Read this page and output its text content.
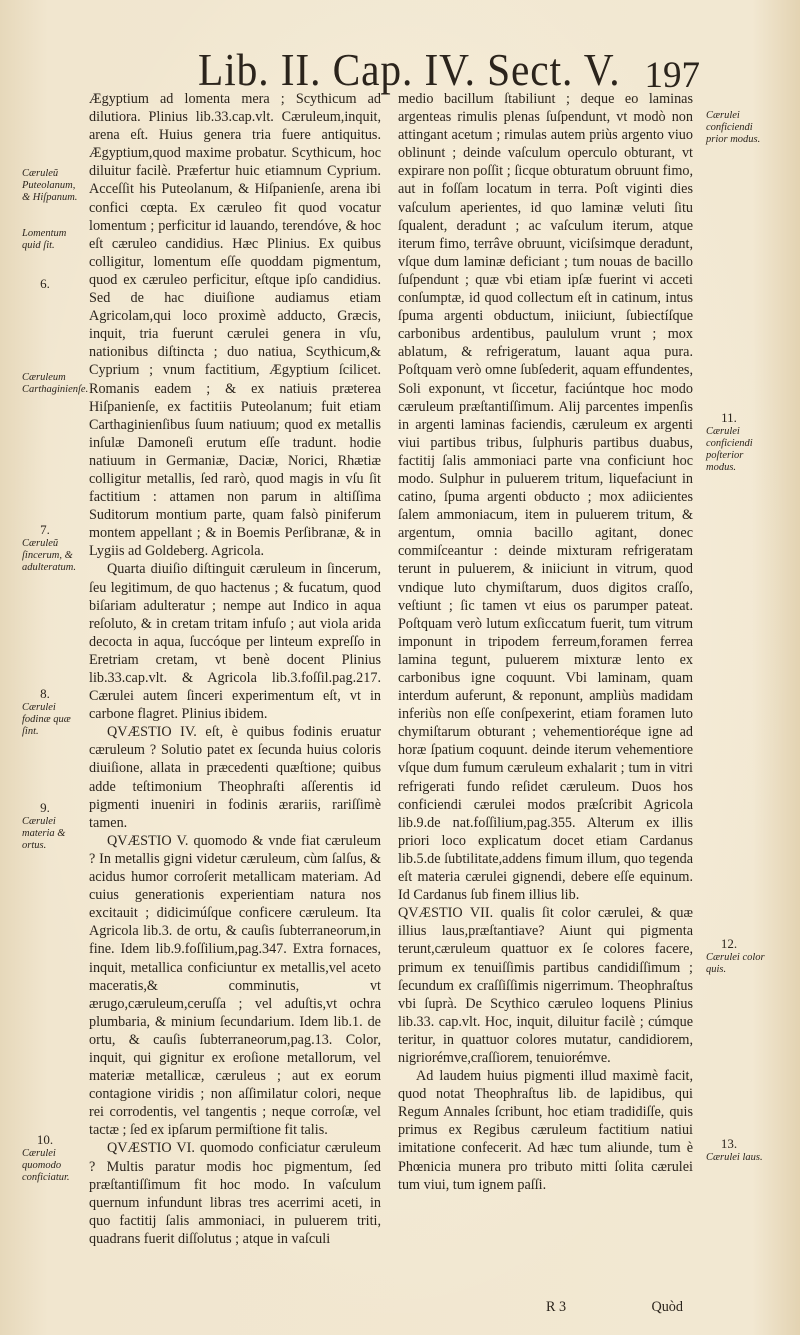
Lib. II. Cap. IV. Sect. V. 197

Ægyptium ad lomenta mera ; Scythicum ad dilutiora. Plinius lib.33.cap.vlt. Cæruleum,inquit, arena eſt. Huius genera tria fuere antiquitus. Ægyptium,quod maxime probatur. Scythicum, hoc diluitur facilè. Præfertur huic etiamnum Cyprium. Acceſſit his Puteolanum, & Hiſpanienſe, arena ibi confici cœpta. Ex cæruleo fit quod vocatur lomentum ; perficitur id lauando, terendóve, & hoc eſt cæruleo candidius. Hæc Plinius. Ex quibus colligitur, lomentum eſſe quoddam pigmentum, quod ex cæruleo perficitur, eſtque ipſo candidius. Sed de hac diuiſione audiamus etiam Agricolam,qui loco proximè adducto, Græcis, inquit, tria fuerunt cærulei genera in vſu, nationibus diſtincta ; duo natiua, Scythicum,& Cyprium ; vnum factitium, Ægyptium ſcilicet. Romanis eadem ; & ex natiuis præterea Hiſpanienſe, ex factitiis Puteolanum; fuit etiam Carthaginienſibus ſuum natiuum; quod ex metallis inſulæ Damoneſi erutum eſſe tradunt. hodie natiuum in Germaniæ, Daciæ, Norici, Rhætiæ colligitur metallis, ſed rarò, quod magis in vſu ſit factitium : attamen non parum in altiſſima Suditorum montium parte, quam falsò piniferum montem appellant ; & in Boemis Perſibranæ, & in Lygiis ad Goldeberg. Agricola.

Quarta diuiſio diſtinguit cæruleum in ſincerum, ſeu legitimum, de quo hactenus ; & fucatum, quod biſariam adulteratur ; nempe aut Indico in aqua reſoluto, & in cretam tritam infuſo ; aut viola arida decocta in aqua, ſuccóque per linteum expreſſo in Eretriam cretam, vt benè docent Plinius lib.33.cap.vlt. & Agricola lib.3.foſſil.pag.217. Cærulei autem ſinceri experimentum eſt, vt in carbone flagret. Plinius ibidem.

QVÆSTIO IV. eſt, è quibus fodinis eruatur cæruleum ? Solutio patet ex ſecunda huius coloris diuiſione, allata in præcedenti quæſtione; quibus adde teſtimonium Theophraſti aſſerentis id pigmenti inueniri in fodinis ærariis, rariſſimè tamen.

QVÆSTIO V. quomodo & vnde fiat cæruleum ? In metallis gigni videtur cæruleum, cùm ſalſus, & acidus humor corroſerit metallicam materiam. Ad cuius generationis experientiam natura nos excitauit ; didicimúſque conficere cæruleum. Ita Agricola lib.3. de ortu, & cauſis ſubterraneorum,in fine. Idem lib.9.foſſilium,pag.347. Extra fornaces, inquit, metallica conficiuntur ex metallis,vel aceto maceratis,& comminutis, vt ærugo,cæruleum,ceruſſa ; vel aduſtis,vt ochra plumbaria, & minium ſecundarium. Idem lib.1. de ortu, & cauſis ſubterraneorum,pag.13. Color, inquit, qui gignitur ex eroſione metallorum, vel materiæ metallicæ, cæruleus ; aut ex eorum contagione viridis ; non aſſimilatur colori, neque rei corrodentis, vel tangentis ; neque corroſæ, vel tactæ ; ſed ex ipſarum permiſtione fit talis.

QVÆSTIO VI. quomodo conficiatur cæruleum ? Multis paratur modis hoc pigmentum, ſed præſtantiſſimum fit hoc modo. In vaſculum quernum infundunt libras tres acerrimi aceti, in quo factitij ſalis ammoniaci, in puluerem triti, quadrans fuerit diſſolutus ; atque in vaſculi

medio bacillum ſtabiliunt ; deque eo laminas argenteas rimulis plenas ſuſpendunt, vt modò non attingant acetum ; rimulas autem priùs argento viuo oblinunt ; deinde vaſculum operculo obturant, vt expirare non poſſit ; ſicque obturatum obruunt fimo, aut in foſſam locatum in terra. Poſt viginti dies vaſculum aperientes, id quo laminæ veluti ſitu ſqualent, deradunt ; ac vaſculum iterum, atque iterum fimo, terrâve obruunt, viciſsimque deradunt, vſque dum laminæ deficiant ; tum nouas de bacillo ſuſpendunt ; quæ vbi etiam ipſæ fuerint vi acceti conſumptæ, id quod collectum eſt in catinum, intus ſpuma argenti obductum, iniiciunt, ſubiectíſque carbonibus ardentibus, paululum vrunt ; mox ablatum, & refrigeratum, lauant aqua pura. Poſtquam verò omne ſubſederit, aquam effundentes, Soli exponunt, vt ſiccetur, faciúntque hoc modo cæruleum præſtantiſſimum. Alij parcentes impenſis in argenti laminas faciendis, cæruleum ex argenti viui partibus tribus, ſulphuris partibus duabus, factitij ſalis ammoniaci parte vna conficiunt hoc modo. Sulphur in puluerem tritum, liquefaciunt in catino, ſpuma argenti obducto ; mox adiicientes ſalem ammoniacum, item in puluerem tritum, & argentum, omnia bacillo agitant, donec commiſceantur : deinde mixturam refrigeratam terunt in puluerem, & iniiciunt in vitrum, quod vndique luto chymiſtarum, duos digitos craſſo, veſtiunt ; ſic tamen vt eius os parumper pateat. Poſtquam verò lutum exſiccatum fuerit, tum vitrum imponunt in tripodem ferreum,foramen ferrea lamina tegunt, puluerem mixturæ lento ex carbonibus igne coquunt. Vbi laminam, quam interdum auferunt, & reponunt, ampliùs madidam inferiùs non eſſe conſpexerint, etiam foramen luto chymiſtarum obturant ; vehementioréque igne ad horæ ſpatium coquunt. deinde iterum vehementiore vſque dum fumum cæruleum exhalarit ; tum in vitri refrigerati fundo reſidet cæruleum. Duos hos conficiendi cærulei modos præſcribit Agricola lib.9.de nat.foſſilium,pag.355. Alterum ex illis priori loco explicatum docet etiam Cardanus lib.5.de ſubtilitate,addens fimum illum, quo tegenda eſt materia cærulei gignendi, debere eſſe equinum. Id Cardanus ſub finem illius lib.

QVÆSTIO VII. qualis ſit color cærulei, & quæ illius laus,præſtantiave? Aiunt qui pigmenta terunt,cæruleum quattuor ex ſe colores facere, primum ex tenuiſſimis partibus candidiſſimum ; ſecundum ex craſſiſſimis nigerrimum. Theophraſtus vbi ſuprà. De Scythico cæruleo loquens Plinius lib.33. cap.vlt. Hoc, inquit, diluitur facilè ; cúmque teritur, in quattuor colores mutatur, candidiorem, nigriorémve,craſſiorem, tenuiorémve.

Ad laudem huius pigmenti illud maximè facit, quod notat Theophraſtus lib. de lapidibus, qui Regum Annales ſcribunt, hoc etiam tradidiſſe, quis primus ex Regibus cæruleum factitium natiui imitatione confecerit. Ad hæc tum aliunde, tum è Phœnicia munera pro tributo mitti ſolita cærulei tum viui, tum ignem paſſi.

Cæruleũ Puteolanum, & Hiſpanum.
Lomentum quid ſit.
6.
Cæruleum Carthaginienſe.
7.
Cæruleũ ſincerum, & adulteratum.
8.
Cærulei fodinæ quæ ſint.
9.
Cærulei materia & ortus.
10.
Cærulei quomodo conficiatur.
Cærulei conficiendi prior modus.
11.
Cærulei conficiendi poſterior modus.
12.
Cærulei color quis.
13.
Cærulei laus.
R 3	Quòd
